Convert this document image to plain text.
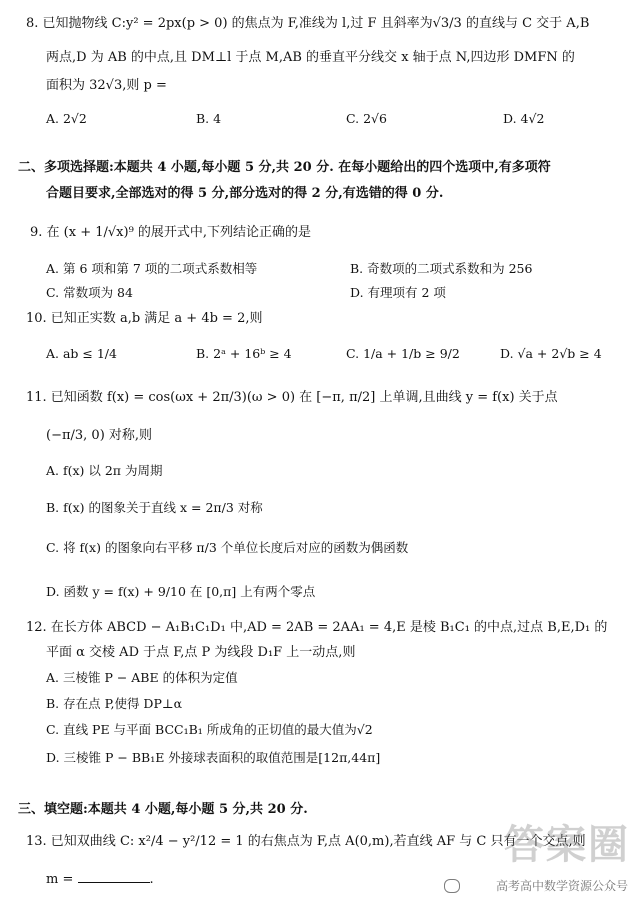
8. 已知抛物线 C:y² = 2px(p > 0) 的焦点为 F,准线为 l,过 F 且斜率为√3/3 的直线与 C 交于 A,B
两点,D 为 AB 的中点,且 DM⊥l 于点 M,AB 的垂直平分线交 x 轴于点 N,四边形 DMFN 的
面积为 32√3,则 p =
A. 2√2	B. 4	C. 2√6	D. 4√2
二、多项选择题:本题共 4 小题,每小题 5 分,共 20 分. 在每小题给出的四个选项中,有多项符
合题目要求,全部选对的得 5 分,部分选对的得 2 分,有选错的得 0 分.
9. 在 (x + 1/√x)⁹ 的展开式中,下列结论正确的是
A. 第 6 项和第 7 项的二项式系数相等	B. 奇数项的二项式系数和为 256
C. 常数项为 84	D. 有理项有 2 项
10. 已知正实数 a,b 满足 a + 4b = 2,则
A. ab ≤ 1/4	B. 2ᵃ + 16ᵇ ≥ 4	C. 1/a + 1/b ≥ 9/2	D. √a + 2√b ≥ 4
11. 已知函数 f(x) = cos(ωx + 2π/3)(ω > 0) 在 [−π, π/2] 上单调,且曲线 y = f(x) 关于点
(−π/3, 0) 对称,则
A. f(x) 以 2π 为周期
B. f(x) 的图象关于直线 x = 2π/3 对称
C. 将 f(x) 的图象向右平移 π/3 个单位长度后对应的函数为偶函数
D. 函数 y = f(x) + 9/10 在 [0,π] 上有两个零点
12. 在长方体 ABCD − A₁B₁C₁D₁ 中,AD = 2AB = 2AA₁ = 4,E 是棱 B₁C₁ 的中点,过点 B,E,D₁ 的
平面 α 交棱 AD 于点 F,点 P 为线段 D₁F 上一动点,则
A. 三棱锥 P − ABE 的体积为定值
B. 存在点 P,使得 DP⊥α
C. 直线 PE 与平面 BCC₁B₁ 所成角的正切值的最大值为√2
D. 三棱锥 P − BB₁E 外接球表面积的取值范围是[12π,44π]
三、填空题:本题共 4 小题,每小题 5 分,共 20 分.
13. 已知双曲线 C: x²/4 − y²/12 = 1 的右焦点为 F,点 A(0,m),若直线 AF 与 C 只有一个交点,则
m =	.
答案圈
高考高中数学资源公众号
